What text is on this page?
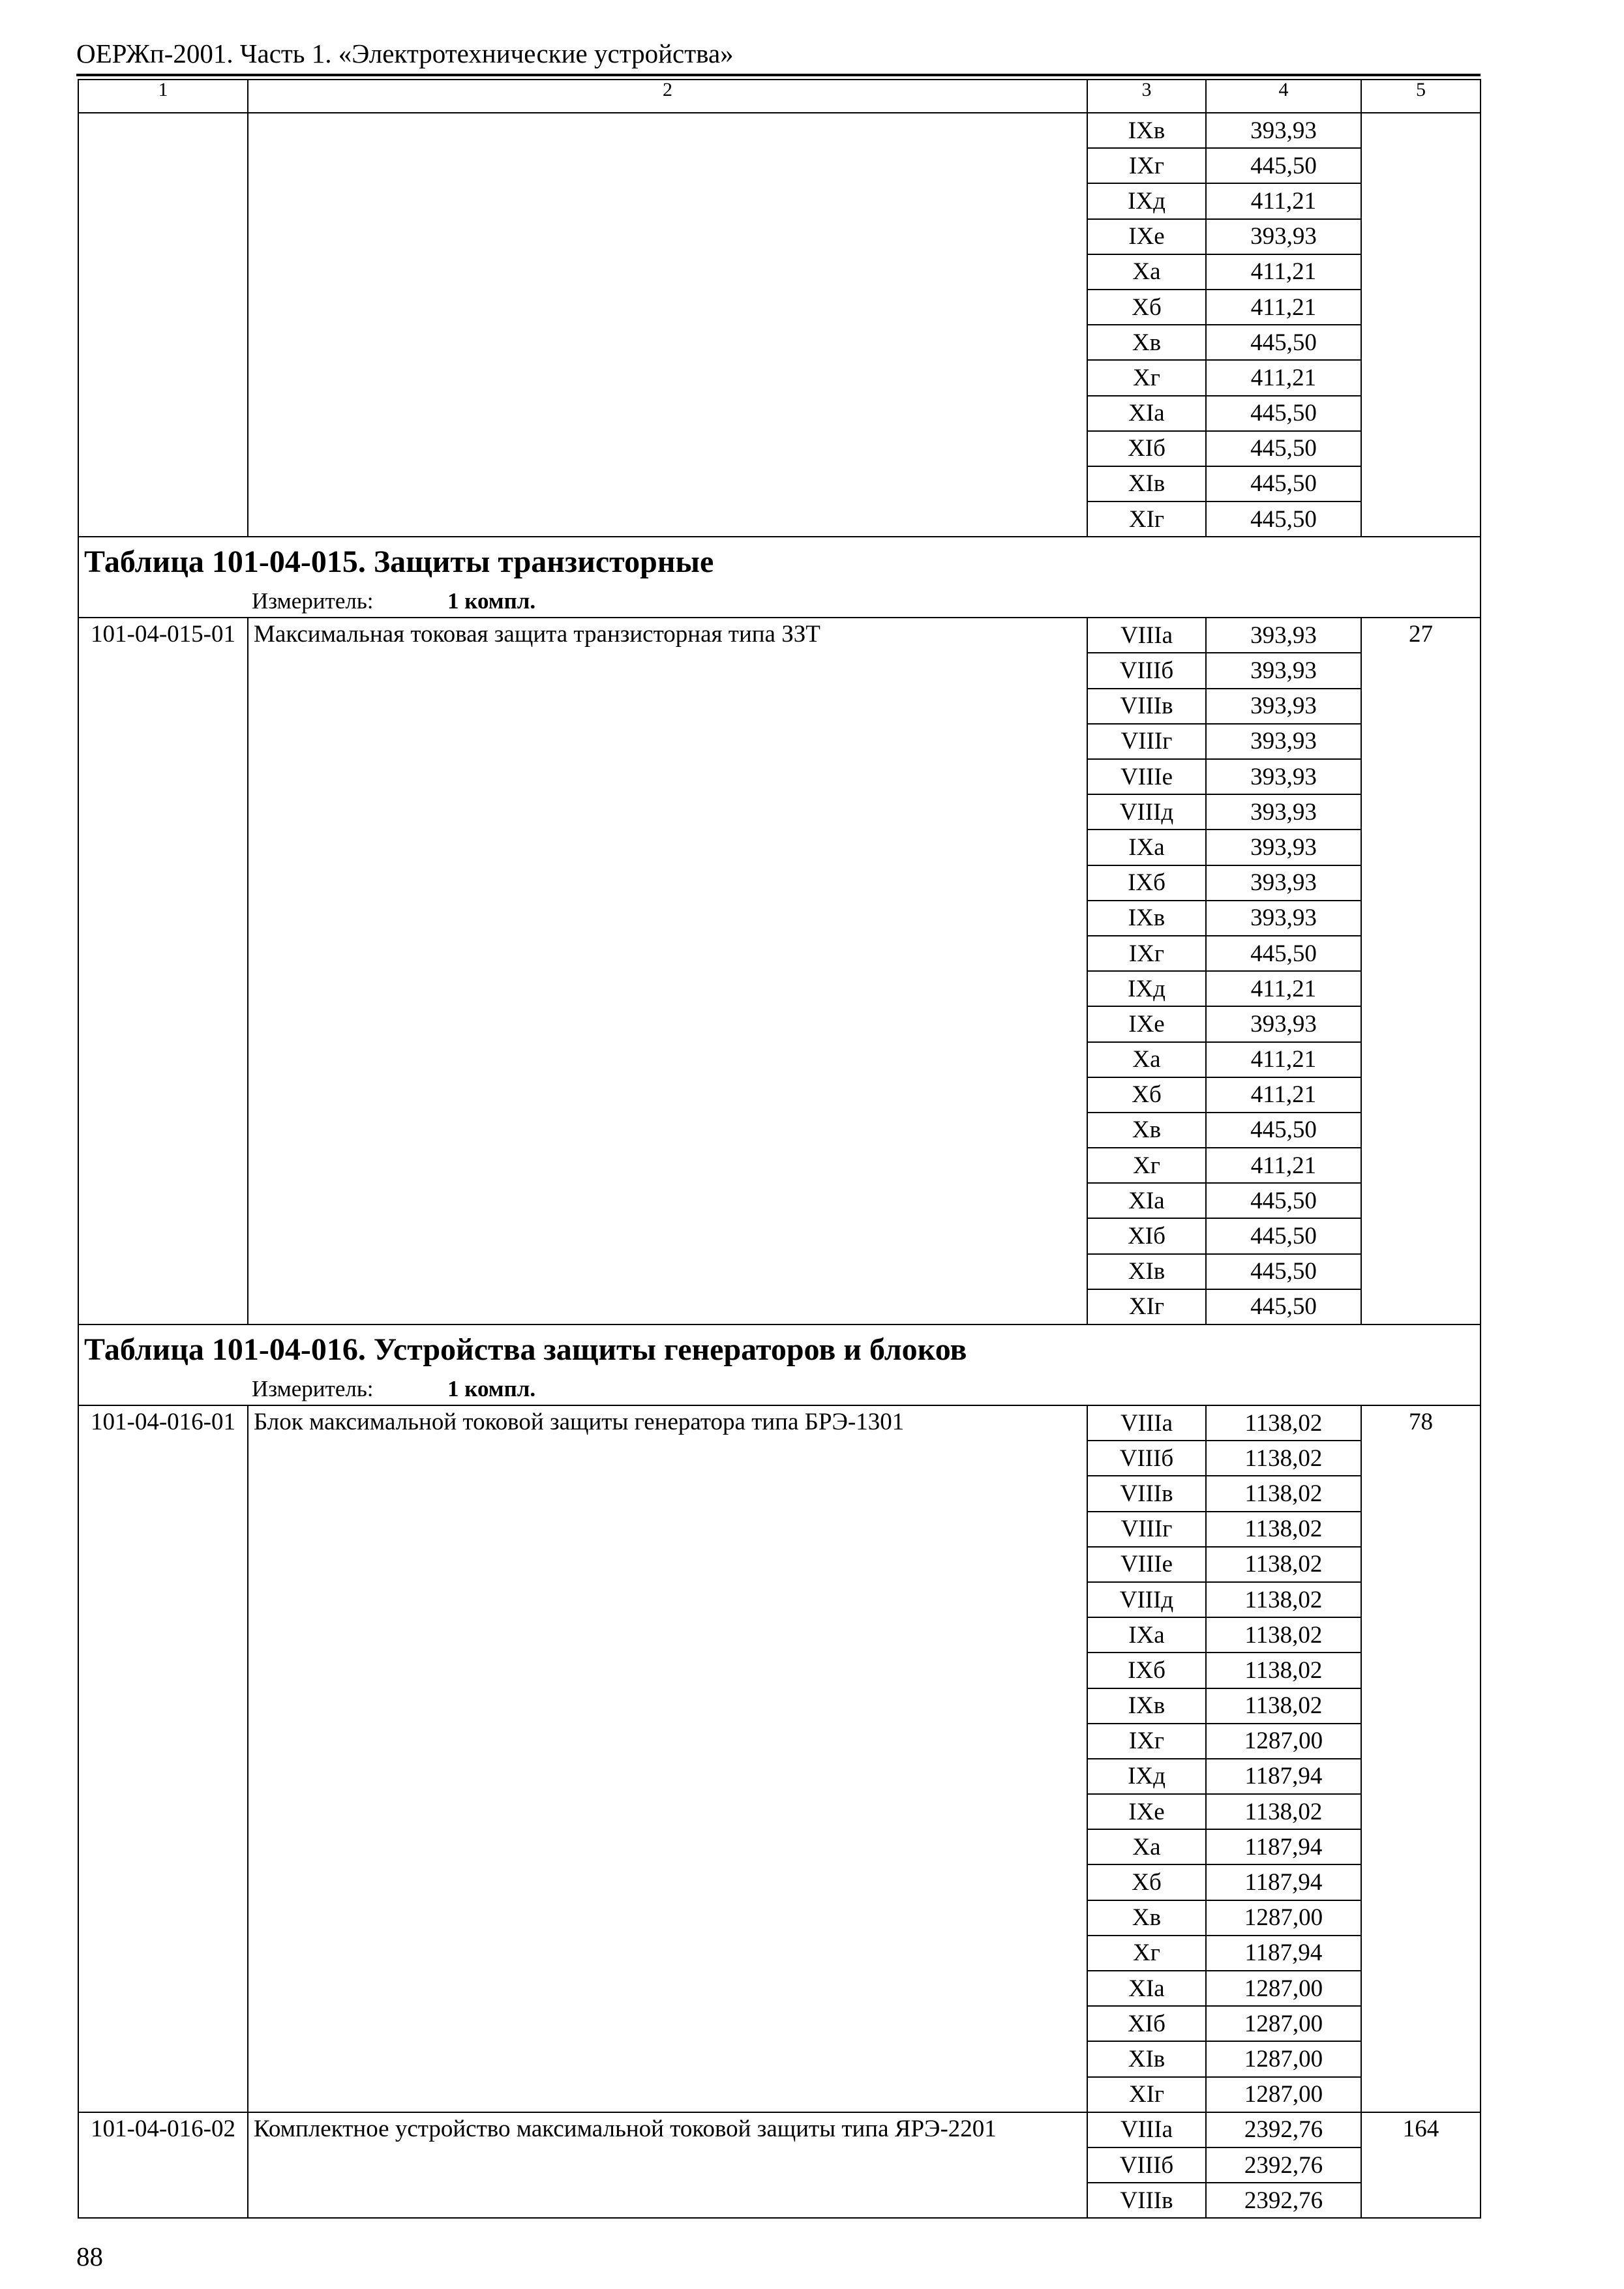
ОЕРЖп-2001. Часть 1. «Электротехнические устройства»
1	2	3	4	5
		IXв	393,93	
		IXг	445,50	
		IXд	411,21	
		IXе	393,93	
		Xа	411,21	
		Xб	411,21	
		Xв	445,50	
		Xг	411,21	
		XIа	445,50	
		XIб	445,50	
		XIв	445,50	
		XIг	445,50	

Таблица 101-04-015. Защиты транзисторные
Измеритель: 1 компл.				

101-04-015-01	Максимальная токовая защита транзисторная типа ЗЗТ	VIIIа	393,93	27
		VIIIб	393,93	
		VIIIв	393,93	
		VIIIг	393,93	
		VIIIе	393,93	
		VIIIд	393,93	
		IXа	393,93	
		IXб	393,93	
		IXв	393,93	
		IXг	445,50	
		IXд	411,21	
		IXе	393,93	
		Xа	411,21	
		Xб	411,21	
		Xв	445,50	
		Xг	411,21	
		XIа	445,50	
		XIб	445,50	
		XIв	445,50	
		XIг	445,50	

Таблица 101-04-016. Устройства защиты генераторов и блоков
Измеритель: 1 компл.				

101-04-016-01	Блок максимальной токовой защиты генератора типа БРЭ-1301	VIIIа	1138,02	78
		VIIIб	1138,02	
		VIIIв	1138,02	
		VIIIг	1138,02	
		VIIIе	1138,02	
		VIIIд	1138,02	
		IXа	1138,02	
		IXб	1138,02	
		IXв	1138,02	
		IXг	1287,00	
		IXд	1187,94	
		IXе	1138,02	
		Xа	1187,94	
		Xб	1187,94	
		Xв	1287,00	
		Xг	1187,94	
		XIа	1287,00	
		XIб	1287,00	
		XIв	1287,00	
		XIг	1287,00	
101-04-016-02	Комплектное устройство максимальной токовой защиты типа ЯРЭ-2201	VIIIа	2392,76	164
		VIIIб	2392,76	
		VIIIв	2392,76	
88
